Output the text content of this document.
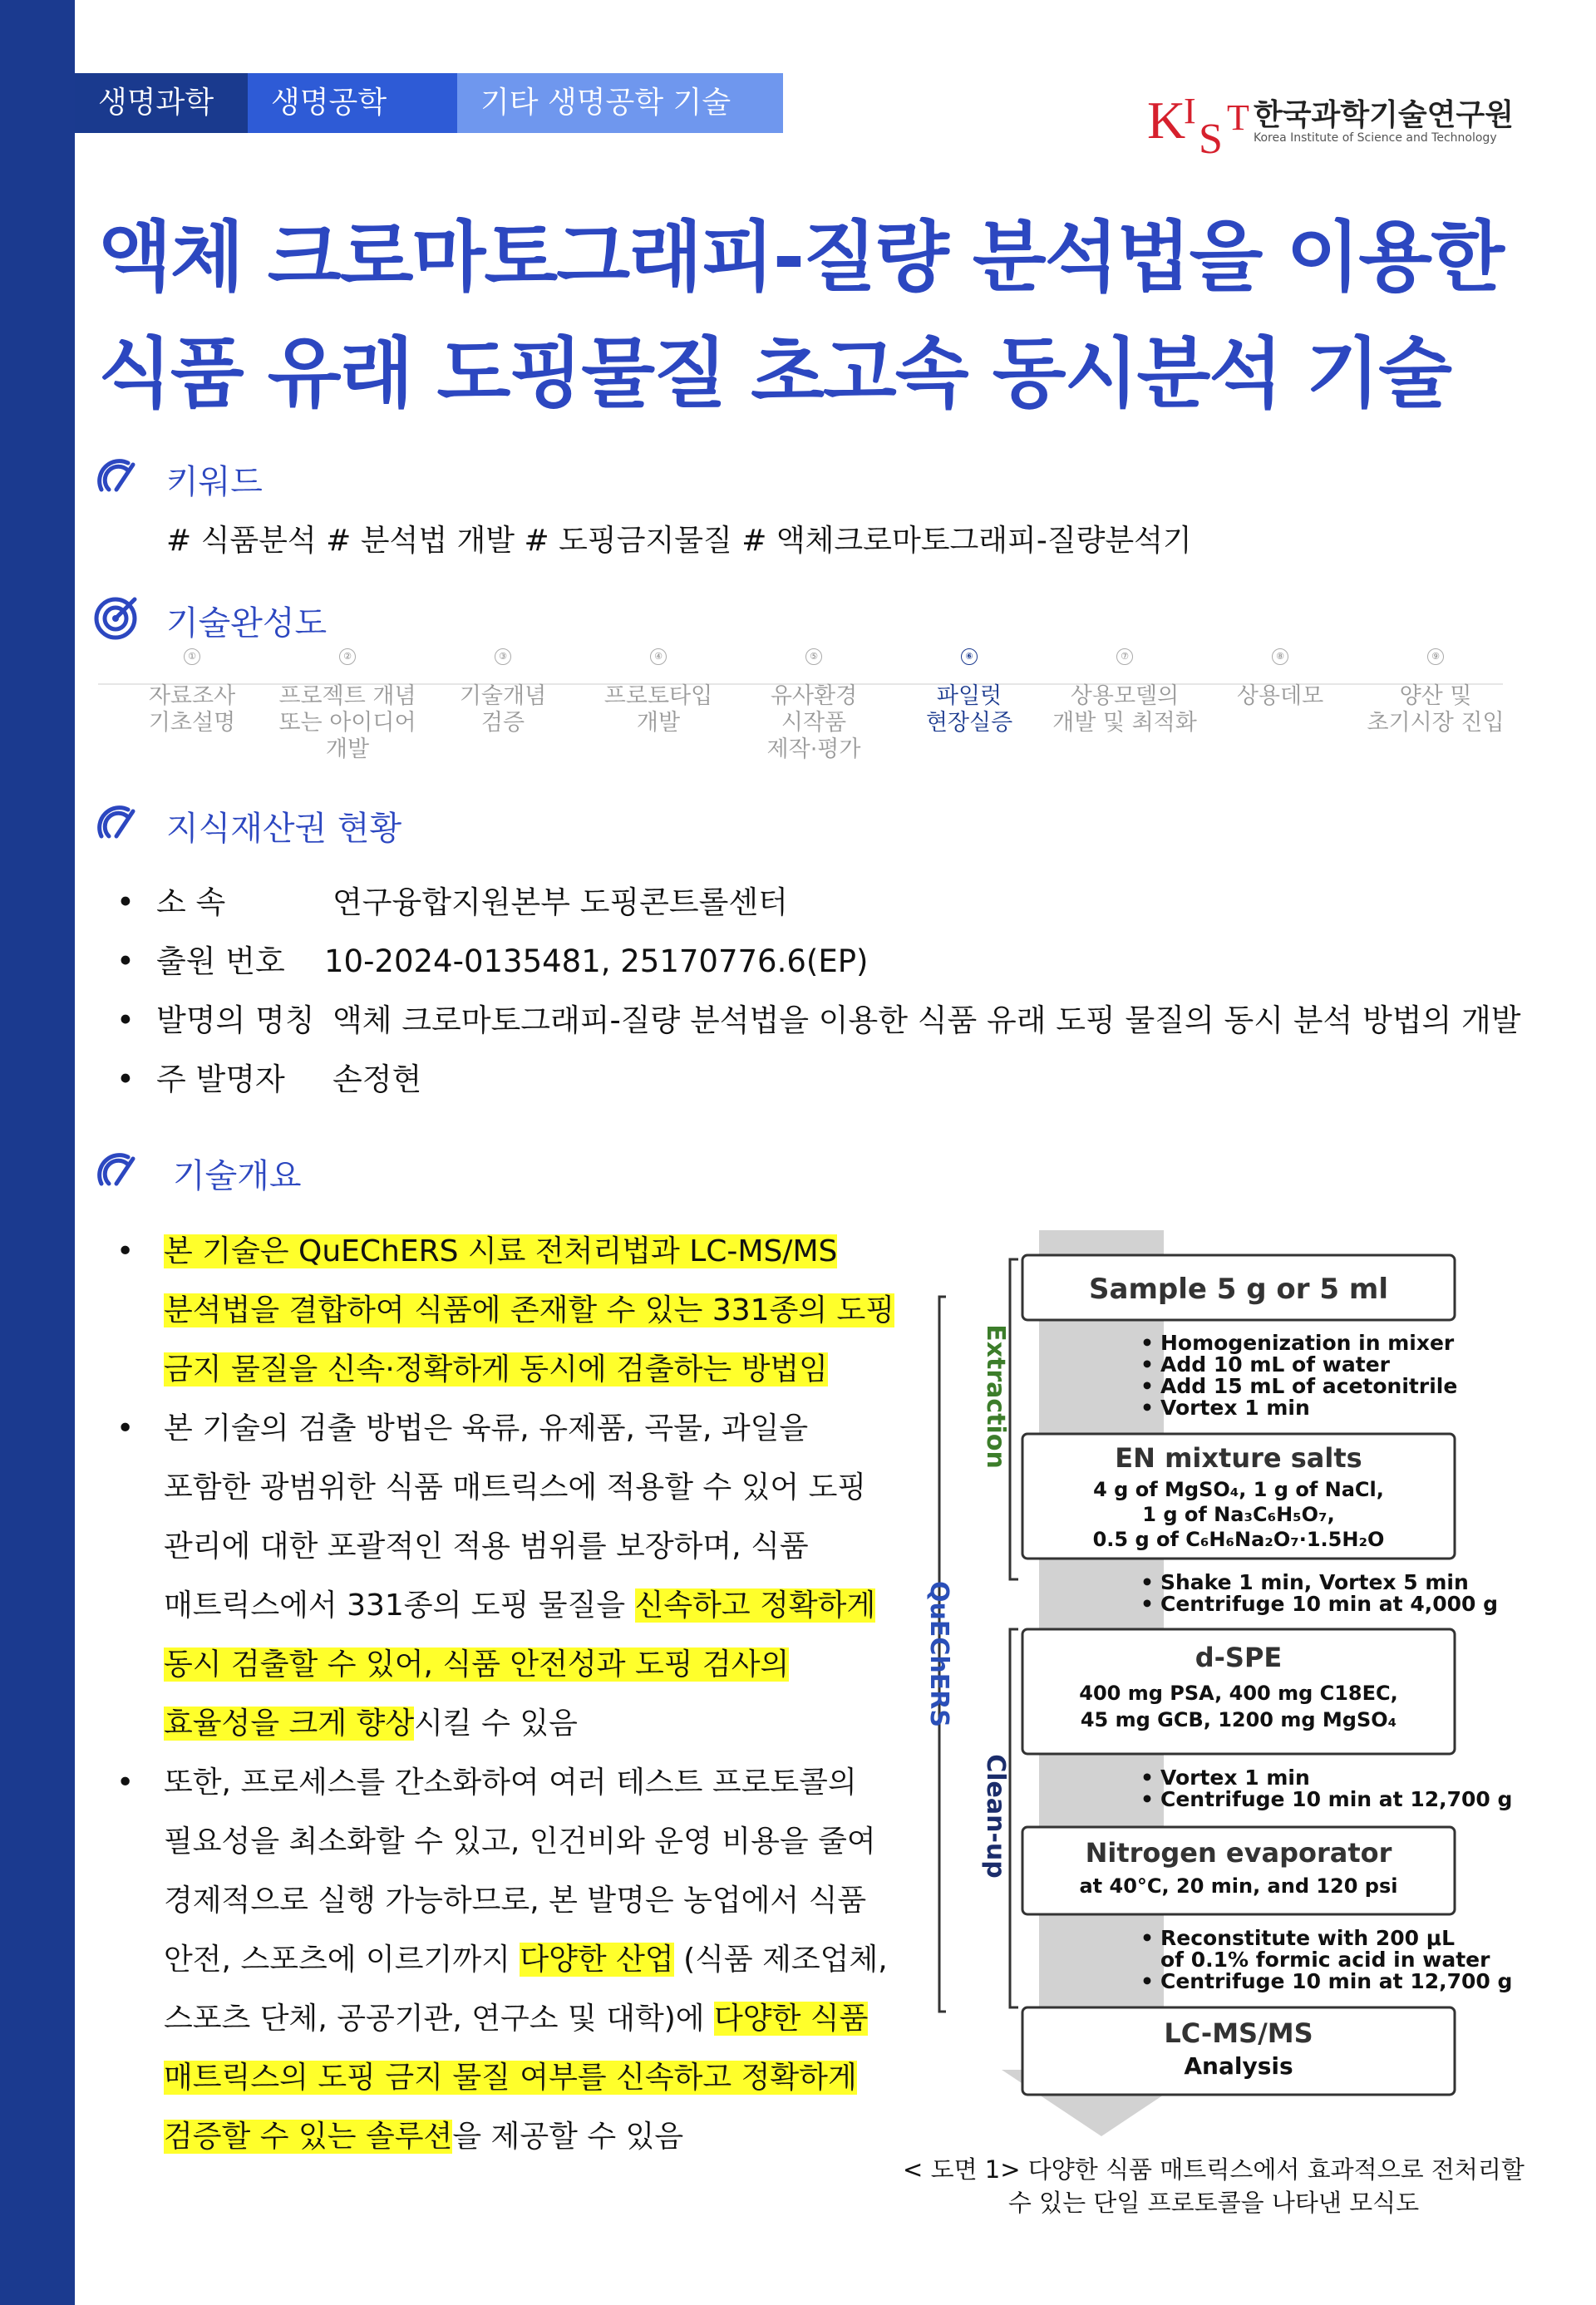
생명과학	생명공학	기타 생명공학 기술	K
I
S T 한국과학기술연구원
Korea Institute of Science and Technology
액체 크로마토그래피-질량 분석법을 이용한
식품 유래 도핑물질 초고속 동시분석 기술
키워드
# 식품분석 # 분석법 개발 # 도핑금지물질 # 액체크로마토그래피-질량분석기
기술완성도
①
자료조사
기초설명
②
프로젝트 개념
또는 아이디어
개발
③
기술개념
검증
④
프로토타입
개발
⑤
유사환경
시작품
제작·평가
⑥
파일럿
현장실증
⑦
상용모델의
개발 및 최적화
⑧
상용데모
⑨
양산 및
초기시장 진입
지식재산권 현황
• 소 속	연구융합지원본부 도핑콘트롤센터
• 출원 번호 10-2024-0135481, 25170776.6(EP)
• 발명의 명칭 액체 크로마토그래피-질량 분석법을 이용한 식품 유래 도핑 물질의 동시 분석 방법의 개발
• 주 발명자 손정현
기술개요
• 본 기술은 QuEChERS 시료 전처리법과 LC-MS/MS
분석법을 결합하여 식품에 존재할 수 있는 331종의 도핑
금지 물질을 신속·정확하게 동시에 검출하는 방법임
• 본 기술의 검출 방법은 육류, 유제품, 곡물, 과일을
포함한 광범위한 식품 매트릭스에 적용할 수 있어 도핑
관리에 대한 포괄적인 적용 범위를 보장하며, 식품
매트릭스에서 331종의 도핑 물질을 신속하고 정확하게
동시 검출할 수 있어, 식품 안전성과 도핑 검사의
효율성을 크게 향상시킬 수 있음
• 또한, 프로세스를 간소화하여 여러 테스트 프로토콜의
필요성을 최소화할 수 있고, 인건비와 운영 비용을 줄여
경제적으로 실행 가능하므로, 본 발명은 농업에서 식품
안전, 스포츠에 이르기까지 다양한 산업 (식품 제조업체,
스포츠 단체, 공공기관, 연구소 및 대학)에 다양한 식품
매트릭스의 도핑 금지 물질 여부를 신속하고 정확하게
검증할 수 있는 솔루션을 제공할 수 있음
Extraction
QuEChERS
Clean-up
Sample 5 g or 5 ml
• Homogenization in mixer
• Add 10 mL of water
• Add 15 mL of acetonitrile
• Vortex 1 min
EN mixture salts
4 g of MgSO₄, 1 g of NaCl,
1 g of Na₃C₆H₅O₇,
0.5 g of C₆H₆Na₂O₇·1.5H₂O
• Shake 1 min, Vortex 5 min
• Centrifuge 10 min at 4,000 g
d-SPE
400 mg PSA, 400 mg C18EC,
45 mg GCB, 1200 mg MgSO₄
• Vortex 1 min
• Centrifuge 10 min at 12,700 g
Nitrogen evaporator
at 40°C, 20 min, and 120 psi
• Reconstitute with 200 μL
of 0.1% formic acid in water
• Centrifuge 10 min at 12,700 g
LC-MS/MS
Analysis
< 도면 1> 다양한 식품 매트릭스에서 효과적으로 전처리할
수 있는 단일 프로토콜을 나타낸 모식도
